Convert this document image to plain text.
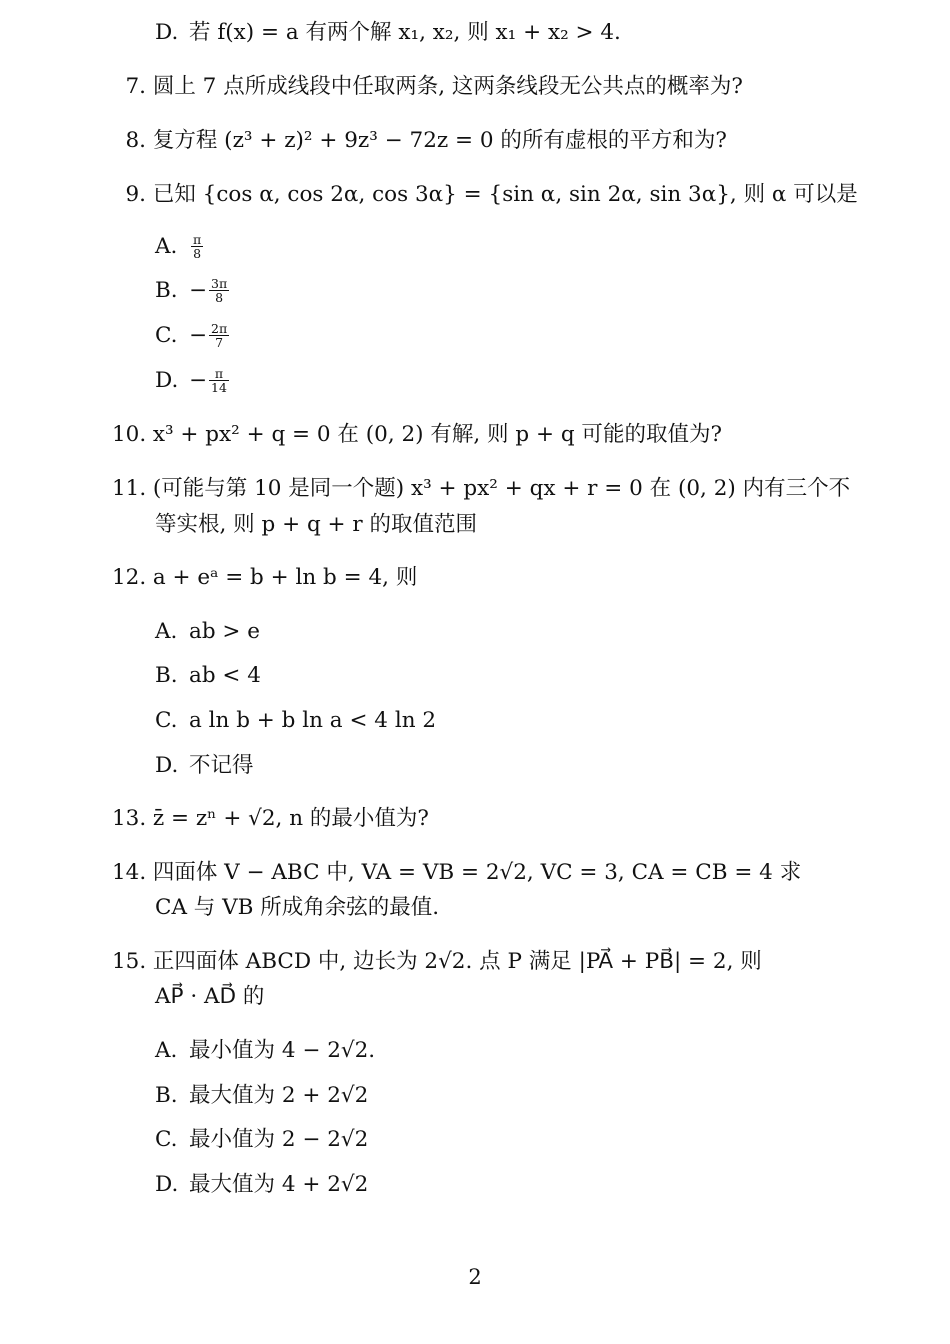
D. 若 f(x) = a 有两个解 x₁, x₂, 则 x₁ + x₂ > 4.
7. 圆上 7 点所成线段中任取两条, 这两条线段无公共点的概率为?
8. 复方程 (z³ + z)² + 9z³ − 72z = 0 的所有虚根的平方和为?
9. 已知 {cos α, cos 2α, cos 3α} = {sin α, sin 2α, sin 3α}, 则 α 可以是
A. $\frac{\pi}{8}$
B. − $\frac{3\pi}{8}$
C. − $\frac{2\pi}{7}$
D. − $\frac{\pi}{14}$
10. x³ + px² + q = 0 在 (0, 2) 有解, 则 p + q 可能的取值为?
11. (可能与第 10 是同一个题) x³ + px² + qx + r = 0 在 (0, 2) 内有三个不
等实根, 则 p + q + r 的取值范围
12. a + eᵃ = b + ln b = 4, 则
A. ab > e
B. ab < 4
C. a ln b + b ln a < 4 ln 2
D. 不记得
13. z̄ = zⁿ + √2, n 的最小值为?
14. 四面体 V − ABC 中, VA = VB = 2√2, VC = 3, CA = CB = 4 求
CA 与 VB 所成角余弦的最值.
15. 正四面体 ABCD 中, 边长为 2√2. 点 P 满足 |PA⃗ + PB⃗| = 2, 则
AP⃗ · AD⃗ 的
A. 最小值为 4 − 2√2.
B. 最大值为 2 + 2√2
C. 最小值为 2 − 2√2
D. 最大值为 4 + 2√2
2
